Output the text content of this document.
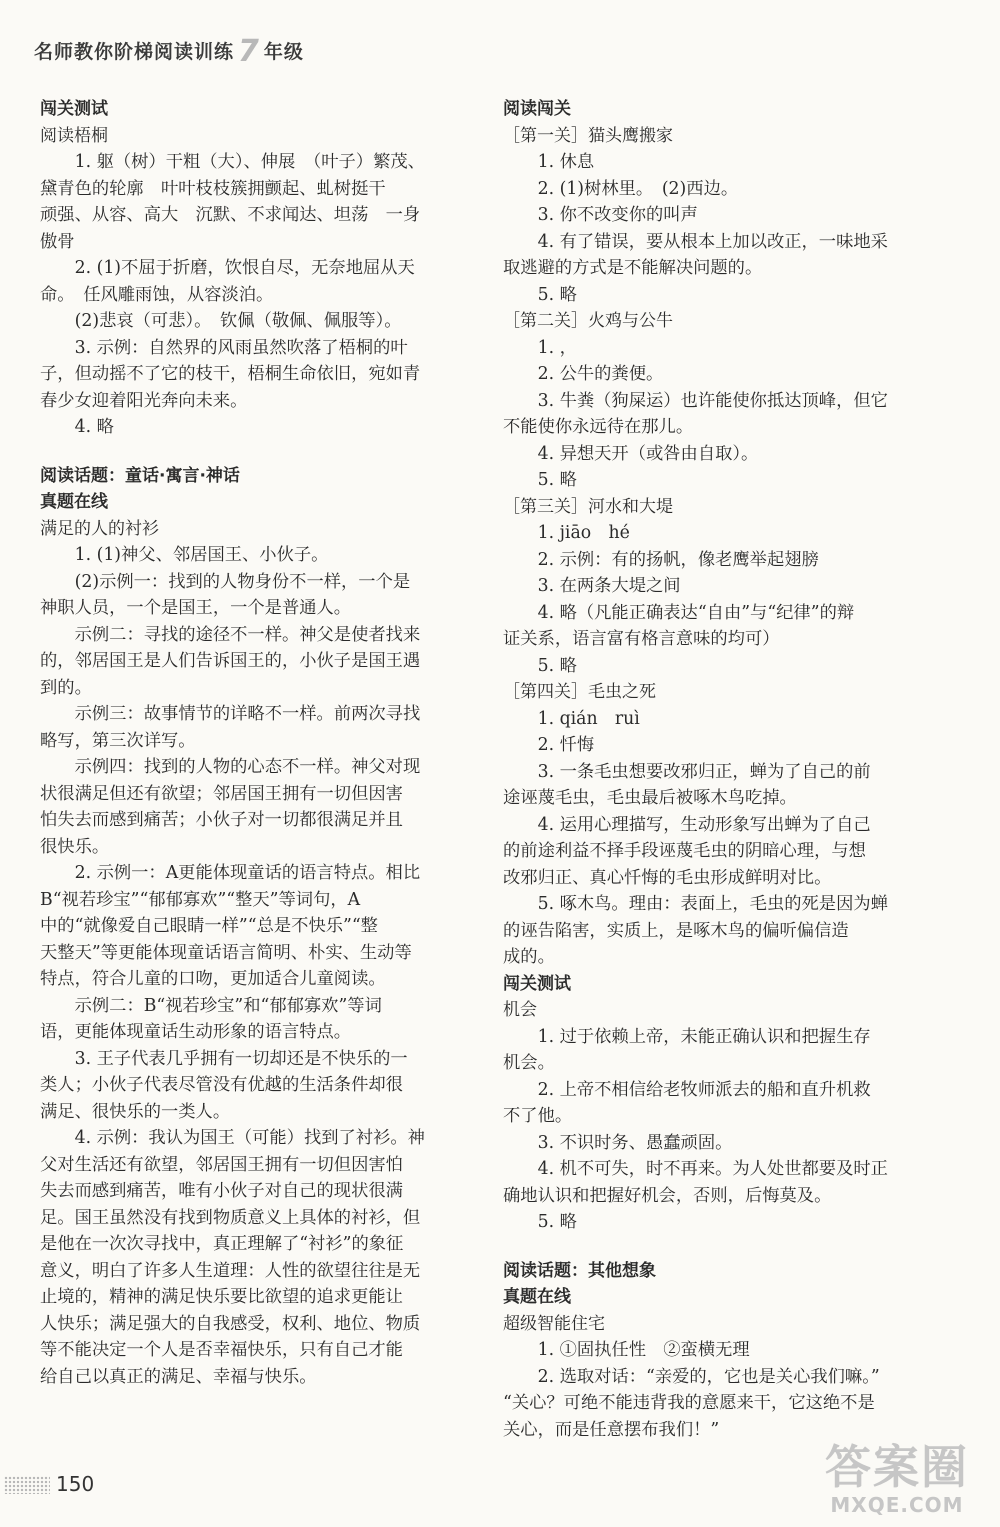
名师教你阶梯阅读训练 7 年级
闯关测试
阅读梧桐
1. 躯（树）干粗（大）、伸展　（叶子）繁茂、
黛青色的轮廓　叶叶枝枝簇拥颤起、虬树挺干
顽强、从容、高大　沉默、不求闻达、坦荡　一身
傲骨
2. (1)不屈于折磨，饮恨自尽，无奈地屈从天
命。　任风雕雨蚀，从容淡泊。
(2)悲哀（可悲）。　钦佩（敬佩、佩服等）。
3. 示例：自然界的风雨虽然吹落了梧桐的叶
子，但动摇不了它的枝干，梧桐生命依旧，宛如青
春少女迎着阳光奔向未来。
4. 略
阅读话题：童话·寓言·神话
真题在线
满足的人的衬衫
1. (1)神父、邻居国王、小伙子。
(2)示例一：找到的人物身份不一样，一个是
神职人员，一个是国王，一个是普通人。
示例二：寻找的途径不一样。神父是使者找来
的，邻居国王是人们告诉国王的，小伙子是国王遇
到的。
示例三：故事情节的详略不一样。前两次寻找
略写，第三次详写。
示例四：找到的人物的心态不一样。神父对现
状很满足但还有欲望；邻居国王拥有一切但因害
怕失去而感到痛苦；小伙子对一切都很满足并且
很快乐。
2. 示例一：A更能体现童话的语言特点。相比
B“视若珍宝”“郁郁寡欢”“整天”等词句，A
中的“就像爱自己眼睛一样”“总是不快乐”“整
天整天”等更能体现童话语言简明、朴实、生动等
特点，符合儿童的口吻，更加适合儿童阅读。
示例二：B“视若珍宝”和“郁郁寡欢”等词
语，更能体现童话生动形象的语言特点。
3. 王子代表几乎拥有一切却还是不快乐的一
类人；小伙子代表尽管没有优越的生活条件却很
满足、很快乐的一类人。
4. 示例：我认为国王（可能）找到了衬衫。神
父对生活还有欲望，邻居国王拥有一切但因害怕
失去而感到痛苦，唯有小伙子对自己的现状很满
足。国王虽然没有找到物质意义上具体的衬衫，但
是他在一次次寻找中，真正理解了“衬衫”的象征
意义，明白了许多人生道理：人性的欲望往往是无
止境的，精神的满足快乐要比欲望的追求更能让
人快乐；满足强大的自我感受，权利、地位、物质
等不能决定一个人是否幸福快乐，只有自己才能
给自己以真正的满足、幸福与快乐。
阅读闯关
［第一关］猫头鹰搬家
1. 休息
2. (1)树林里。　(2)西边。
3. 你不改变你的叫声
4. 有了错误，要从根本上加以改正，一味地采
取逃避的方式是不能解决问题的。
5. 略
［第二关］火鸡与公牛
1. ，
2. 公牛的粪便。
3. 牛粪（狗屎运）也许能使你抵达顶峰，但它
不能使你永远待在那儿。
4. 异想天开（或咎由自取）。
5. 略
［第三关］河水和大堤
1. jiāo　hé
2. 示例：有的扬帆，像老鹰举起翅膀
3. 在两条大堤之间
4. 略（凡能正确表达“自由”与“纪律”的辩
证关系，语言富有格言意味的均可）
5. 略
［第四关］毛虫之死
1. qián　ruì
2. 忏悔
3. 一条毛虫想要改邪归正，蝉为了自己的前
途诬蔑毛虫，毛虫最后被啄木鸟吃掉。
4. 运用心理描写，生动形象写出蝉为了自己
的前途利益不择手段诬蔑毛虫的阴暗心理，与想
改邪归正、真心忏悔的毛虫形成鲜明对比。
5. 啄木鸟。理由：表面上，毛虫的死是因为蝉
的诬告陷害，实质上，是啄木鸟的偏听偏信造
成的。
闯关测试
机会
1. 过于依赖上帝，未能正确认识和把握生存
机会。
2. 上帝不相信给老牧师派去的船和直升机救
不了他。
3. 不识时务、愚蠢顽固。
4. 机不可失，时不再来。为人处世都要及时正
确地认识和把握好机会，否则，后悔莫及。
5. 略
阅读话题：其他想象
真题在线
超级智能住宅
1. ①固执任性　②蛮横无理
2. 选取对话：“亲爱的，它也是关心我们嘛。”
“关心？可绝不能违背我的意愿来干，它这绝不是
关心，而是任意摆布我们！”
150	答案圈
MXQE.COM
